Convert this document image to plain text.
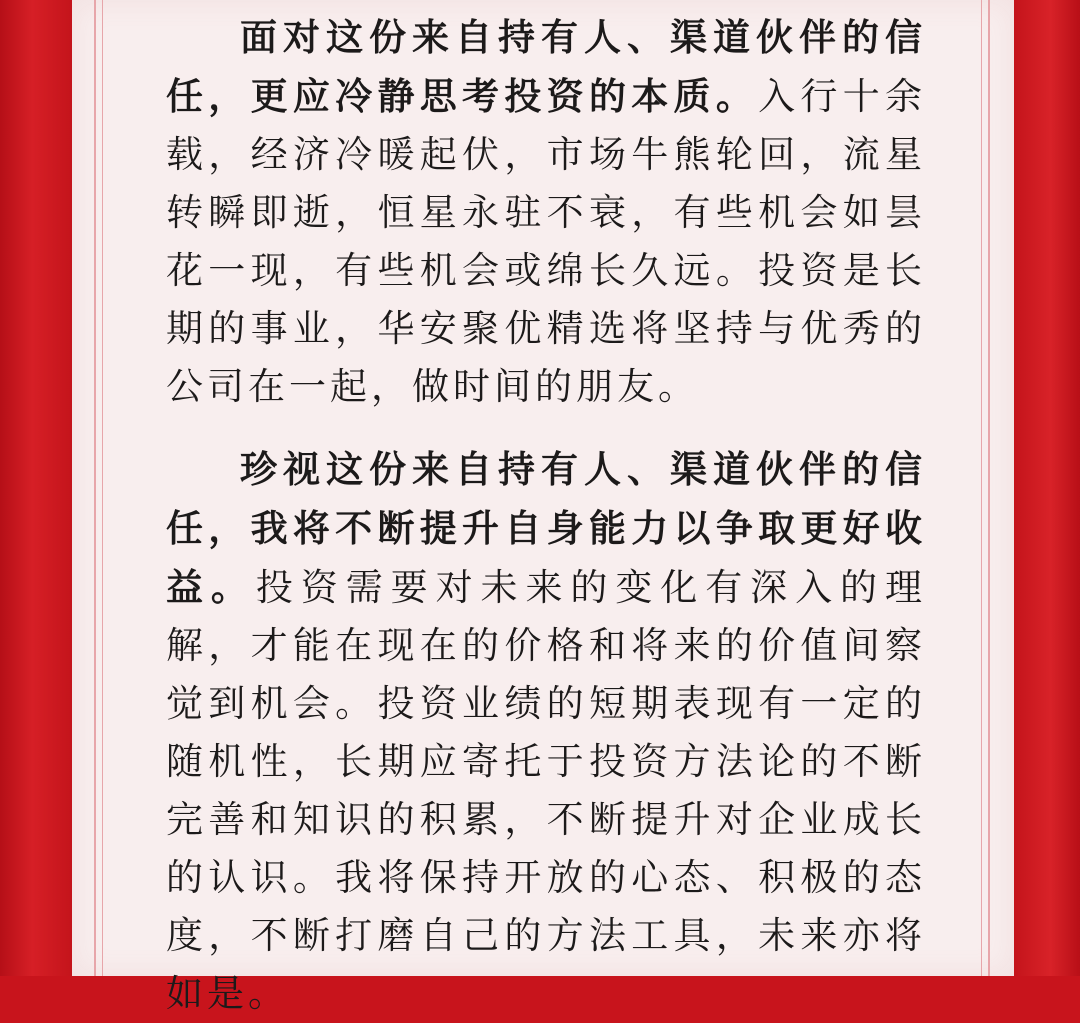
面对这份来自持有人、渠道伙伴的信任，更应冷静思考投资的本质。入行十余载，经济冷暖起伏，市场牛熊轮回，流星转瞬即逝，恒星永驻不衰，有些机会如昙花一现，有些机会或绵长久远。投资是长期的事业，华安聚优精选将坚持与优秀的公司在一起，做时间的朋友。

珍视这份来自持有人、渠道伙伴的信任，我将不断提升自身能力以争取更好收益。投资需要对未来的变化有深入的理解，才能在现在的价格和将来的价值间察觉到机会。投资业绩的短期表现有一定的随机性，长期应寄托于投资方法论的不断完善和知识的积累，不断提升对企业成长的认识。我将保持开放的心态、积极的态度，不断打磨自己的方法工具，未来亦将如是。
